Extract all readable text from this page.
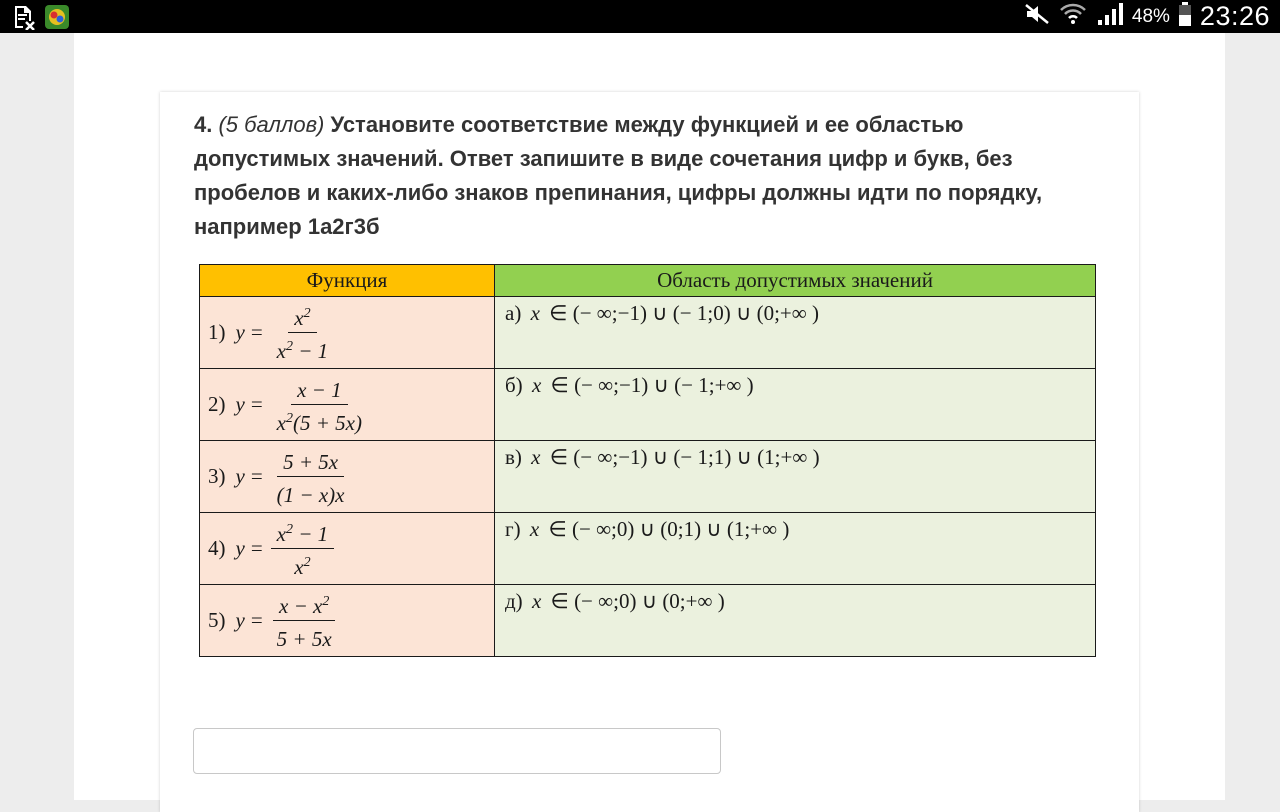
48% 23:26
4. (5 баллов) Установите соответствие между функцией и ее областью допустимых значений. Ответ запишите в виде сочетания цифр и букв, без пробелов и каких-либо знаков препинания, цифры должны идти по порядку, например 1а2г3б
Функция	Область допустимых значений

1) $y = \frac{x^2}{x^2 - 1}$	а) x ∈ (− ∞;−1) ∪ (− 1;0) ∪ (0;+∞ )

2) $y = \frac{x - 1}{x^2(5 + 5x)}$	б) x ∈ (− ∞;−1) ∪ (− 1;+∞ )

3) $y = \frac{5 + 5x}{(1 - x)x}$	в) x ∈ (− ∞;−1) ∪ (− 1;1) ∪ (1;+∞ )

4) $y = \frac{x^2 - 1}{x^2}$	г) x ∈ (− ∞;0) ∪ (0;1) ∪ (1;+∞ )

5) $y = \frac{x - x^2}{5 + 5x}$	д) x ∈ (− ∞;0) ∪ (0;+∞ )
